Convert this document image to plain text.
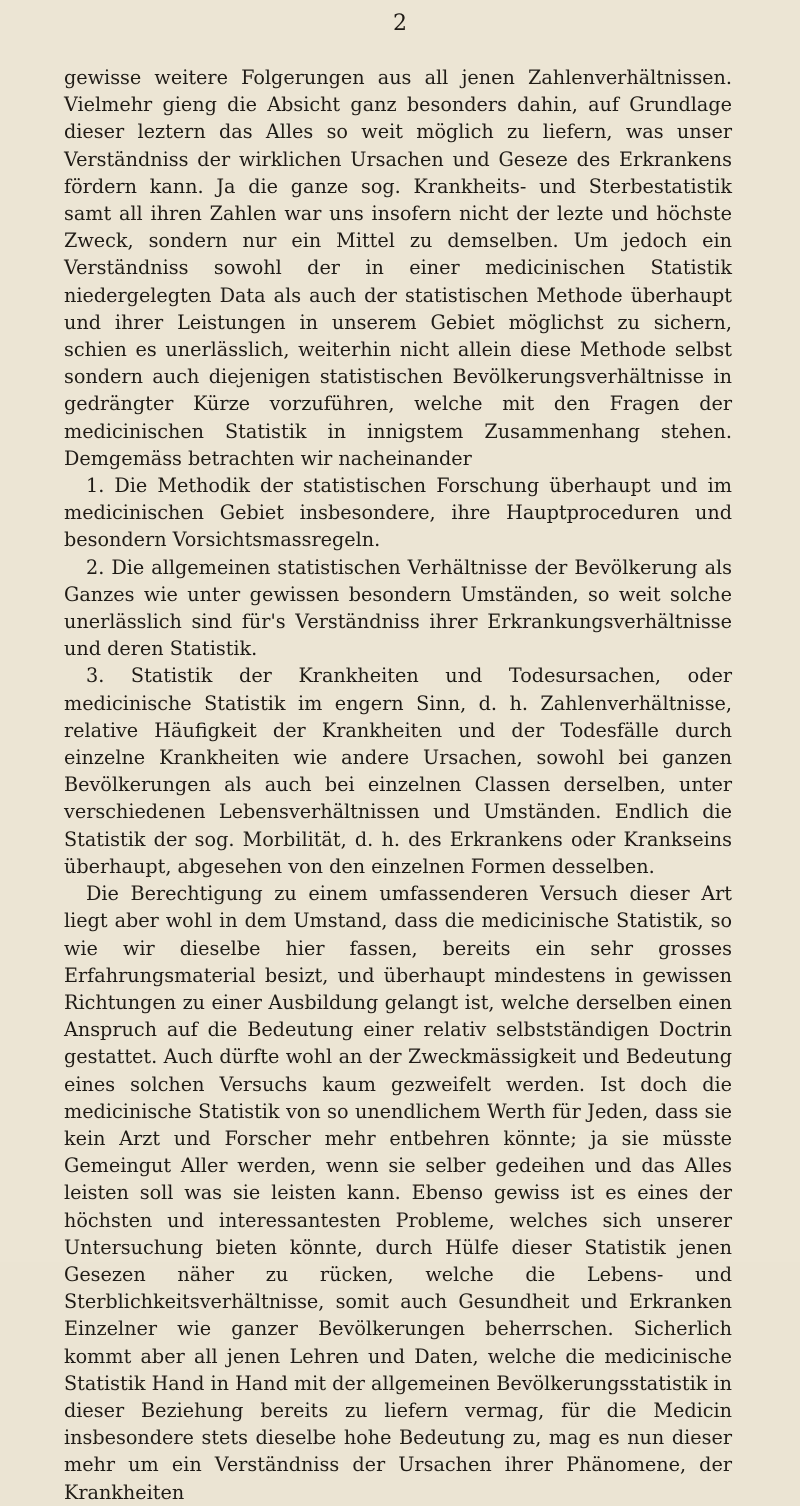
2

gewisse weitere Folgerungen aus all jenen Zahlenverhältnissen. Vielmehr gieng die Absicht ganz besonders dahin, auf Grundlage dieser leztern das Alles so weit möglich zu liefern, was unser Verständniss der wirklichen Ursachen und Geseze des Erkrankens fördern kann. Ja die ganze sog. Krankheits- und Sterbestatistik samt all ihren Zahlen war uns insofern nicht der lezte und höchste Zweck, sondern nur ein Mittel zu demselben. Um jedoch ein Verständniss sowohl der in einer medicinischen Statistik niedergelegten Data als auch der statistischen Methode überhaupt und ihrer Leistungen in unserem Gebiet möglichst zu sichern, schien es unerlässlich, weiterhin nicht allein diese Methode selbst sondern auch diejenigen statistischen Bevölkerungsverhältnisse in gedrängter Kürze vorzuführen, welche mit den Fragen der medicinischen Statistik in innigstem Zusammenhang stehen. Demgemäss betrachten wir nacheinander

1. Die Methodik der statistischen Forschung überhaupt und im medicinischen Gebiet insbesondere, ihre Hauptproceduren und besondern Vorsichtsmassregeln.

2. Die allgemeinen statistischen Verhältnisse der Bevölkerung als Ganzes wie unter gewissen besondern Umständen, so weit solche unerlässlich sind für's Verständniss ihrer Erkrankungsverhältnisse und deren Statistik.

3. Statistik der Krankheiten und Todesursachen, oder medicinische Statistik im engern Sinn, d. h. Zahlenverhältnisse, relative Häufigkeit der Krankheiten und der Todesfälle durch einzelne Krankheiten wie andere Ursachen, sowohl bei ganzen Bevölkerungen als auch bei einzelnen Classen derselben, unter verschiedenen Lebensverhältnissen und Umständen. Endlich die Statistik der sog. Morbilität, d. h. des Erkrankens oder Krankseins überhaupt, abgesehen von den einzelnen Formen desselben.

Die Berechtigung zu einem umfassenderen Versuch dieser Art liegt aber wohl in dem Umstand, dass die medicinische Statistik, so wie wir dieselbe hier fassen, bereits ein sehr grosses Erfahrungsmaterial besizt, und überhaupt mindestens in gewissen Richtungen zu einer Ausbildung gelangt ist, welche derselben einen Anspruch auf die Bedeutung einer relativ selbstständigen Doctrin gestattet. Auch dürfte wohl an der Zweckmässigkeit und Bedeutung eines solchen Versuchs kaum gezweifelt werden. Ist doch die medicinische Statistik von so unendlichem Werth für Jeden, dass sie kein Arzt und Forscher mehr entbehren könnte; ja sie müsste Gemeingut Aller werden, wenn sie selber gedeihen und das Alles leisten soll was sie leisten kann. Ebenso gewiss ist es eines der höchsten und interessantesten Probleme, welches sich unserer Untersuchung bieten könnte, durch Hülfe dieser Statistik jenen Gesezen näher zu rücken, welche die Lebens- und Sterblichkeitsverhältnisse, somit auch Gesundheit und Erkranken Einzelner wie ganzer Bevölkerungen beherrschen. Sicherlich kommt aber all jenen Lehren und Daten, welche die medicinische Statistik Hand in Hand mit der allgemeinen Bevölkerungsstatistik in dieser Beziehung bereits zu liefern vermag, für die Medicin insbesondere stets dieselbe hohe Bedeutung zu, mag es nun dieser mehr um ein Verständniss der Ursachen ihrer Phänomene, der Krankheiten
